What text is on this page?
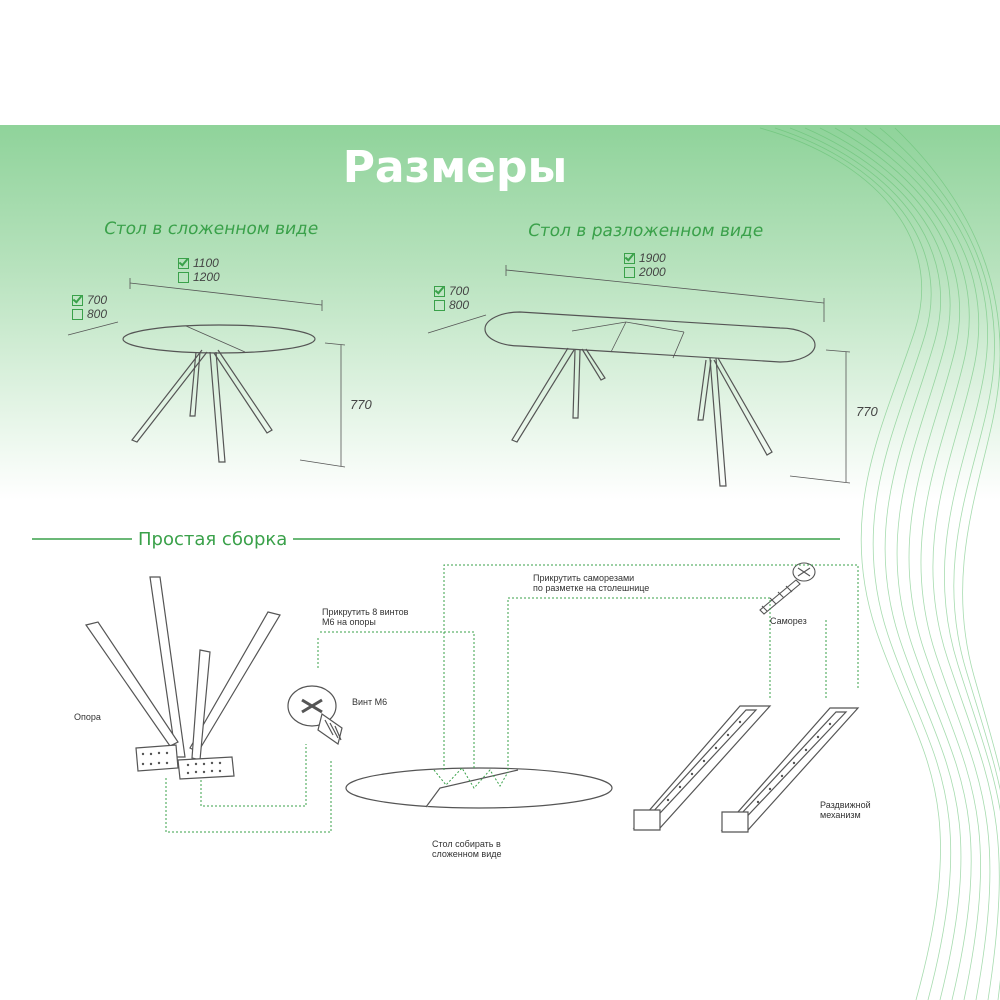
Размеры
Стол в сложенном виде
1100
1200
700
800
770
Стол в разложенном виде
1900
2000
700
800
770
Простая сборка
Опора
Винт М6
Прикрутить 8 винтов
М6 на опоры
Прикрутить саморезами
по разметке на столешнице
Саморез
Стол собирать в
сложенном виде
Раздвижной
механизм
